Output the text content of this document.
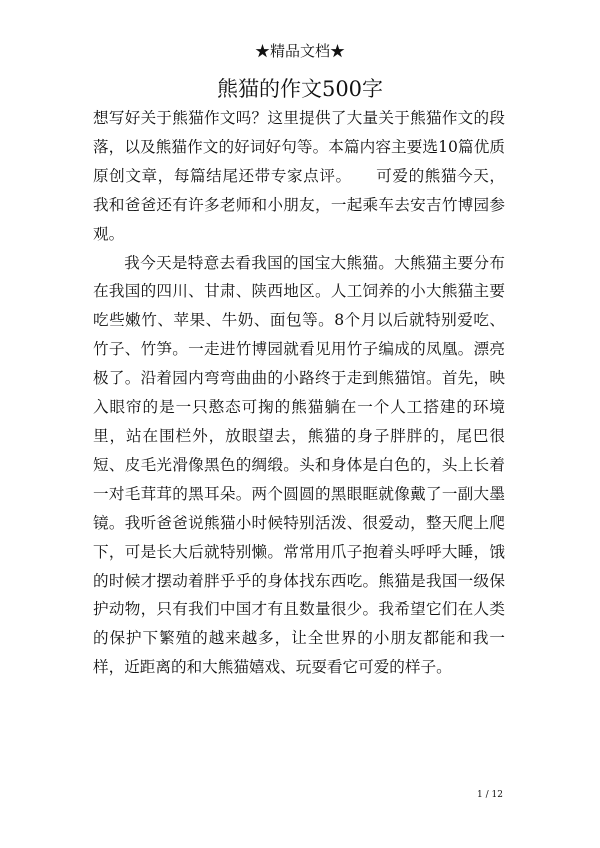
★精品文档★
熊猫的作文500字

想写好关于熊猫作文吗？这里提供了大量关于熊猫作文的段落，以及熊猫作文的好词好句等。本篇内容主要选10篇优质原创文章，每篇结尾还带专家点评。　　可爱的熊猫今天，我和爸爸还有许多老师和小朋友，一起乘车去安吉竹博园参观。

我今天是特意去看我国的国宝大熊猫。大熊猫主要分布在我国的四川、甘肃、陕西地区。人工饲养的小大熊猫主要吃些嫩竹、苹果、牛奶、面包等。8个月以后就特别爱吃、竹子、竹笋。一走进竹博园就看见用竹子编成的凤凰。漂亮极了。沿着园内弯弯曲曲的小路终于走到熊猫馆。首先，映入眼帘的是一只憨态可掬的熊猫躺在一个人工搭建的环境里，站在围栏外，放眼望去，熊猫的身子胖胖的，尾巴很短、皮毛光滑像黑色的绸缎。头和身体是白色的，头上长着一对毛茸茸的黑耳朵。两个圆圆的黑眼眶就像戴了一副大墨镜。我听爸爸说熊猫小时候特别活泼、很爱动，整天爬上爬下，可是长大后就特别懒。常常用爪子抱着头呼呼大睡，饿的时候才摆动着胖乎乎的身体找东西吃。熊猫是我国一级保护动物，只有我们中国才有且数量很少。我希望它们在人类的保护下繁殖的越来越多，让全世界的小朋友都能和我一样，近距离的和大熊猫嬉戏、玩耍看它可爱的样子。

1 / 12
